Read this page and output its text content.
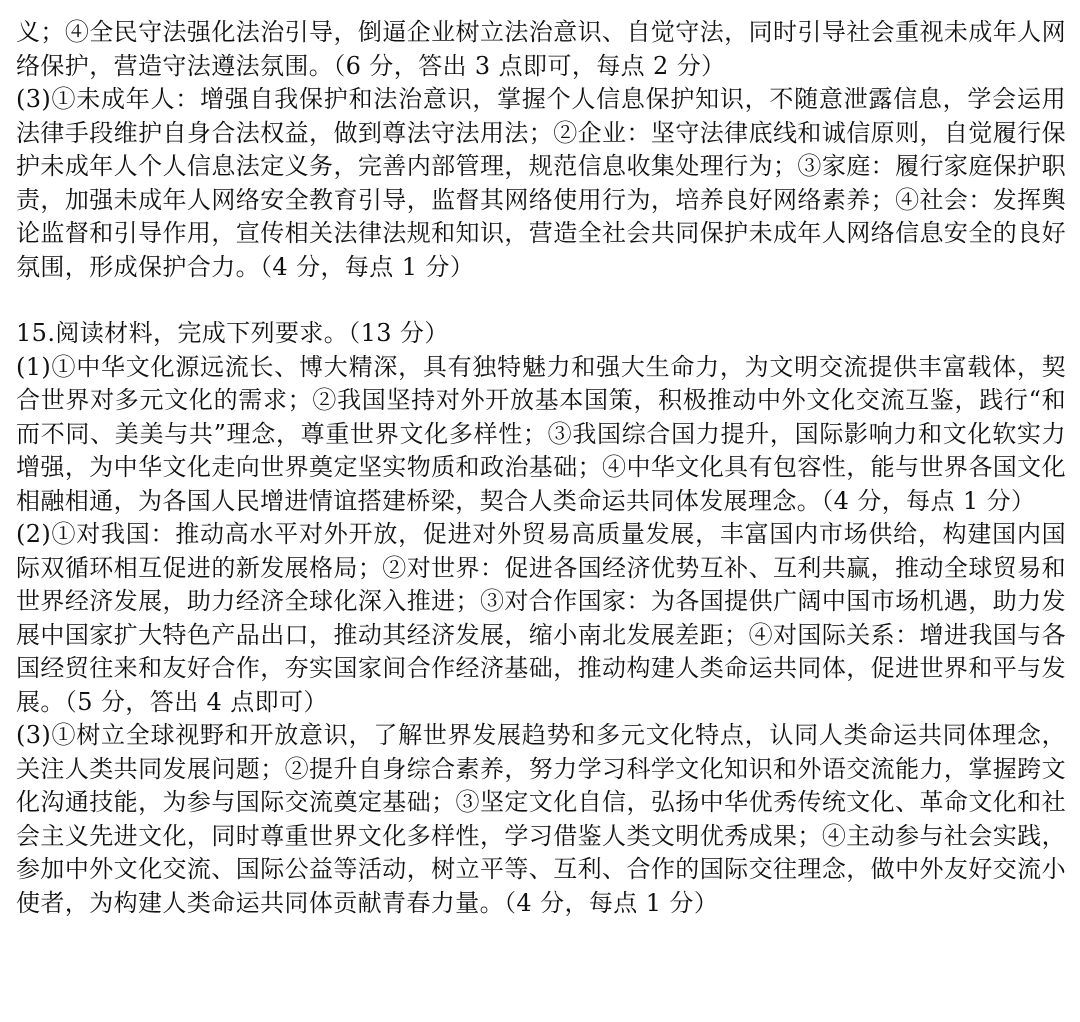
义；④全民守法强化法治引导，倒逼企业树立法治意识、自觉守法，同时引导社会重视未成年人网络保护，营造守法遵法氛围。（6 分，答出 3 点即可，每点 2 分）

(3)①未成年人：增强自我保护和法治意识，掌握个人信息保护知识，不随意泄露信息，学会运用法律手段维护自身合法权益，做到尊法守法用法；②企业：坚守法律底线和诚信原则，自觉履行保护未成年人个人信息法定义务，完善内部管理，规范信息收集处理行为；③家庭：履行家庭保护职责，加强未成年人网络安全教育引导，监督其网络使用行为，培养良好网络素养；④社会：发挥舆论监督和引导作用，宣传相关法律法规和知识，营造全社会共同保护未成年人网络信息安全的良好氛围，形成保护合力。（4 分，每点 1 分）

15.阅读材料，完成下列要求。（13 分）

(1)①中华文化源远流长、博大精深，具有独特魅力和强大生命力，为文明交流提供丰富载体，契合世界对多元文化的需求；②我国坚持对外开放基本国策，积极推动中外文化交流互鉴，践行“和而不同、美美与共”理念，尊重世界文化多样性；③我国综合国力提升，国际影响力和文化软实力增强，为中华文化走向世界奠定坚实物质和政治基础；④中华文化具有包容性，能与世界各国文化相融相通，为各国人民增进情谊搭建桥梁，契合人类命运共同体发展理念。（4 分，每点 1 分）

(2)①对我国：推动高水平对外开放，促进对外贸易高质量发展，丰富国内市场供给，构建国内国际双循环相互促进的新发展格局；②对世界：促进各国经济优势互补、互利共赢，推动全球贸易和世界经济发展，助力经济全球化深入推进；③对合作国家：为各国提供广阔中国市场机遇，助力发展中国家扩大特色产品出口，推动其经济发展，缩小南北发展差距；④对国际关系：增进我国与各国经贸往来和友好合作，夯实国家间合作经济基础，推动构建人类命运共同体，促进世界和平与发展。（5 分，答出 4 点即可）

(3)①树立全球视野和开放意识，了解世界发展趋势和多元文化特点，认同人类命运共同体理念，关注人类共同发展问题；②提升自身综合素养，努力学习科学文化知识和外语交流能力，掌握跨文化沟通技能，为参与国际交流奠定基础；③坚定文化自信，弘扬中华优秀传统文化、革命文化和社会主义先进文化，同时尊重世界文化多样性，学习借鉴人类文明优秀成果；④主动参与社会实践，参加中外文化交流、国际公益等活动，树立平等、互利、合作的国际交往理念，做中外友好交流小使者，为构建人类命运共同体贡献青春力量。（4 分，每点 1 分）
